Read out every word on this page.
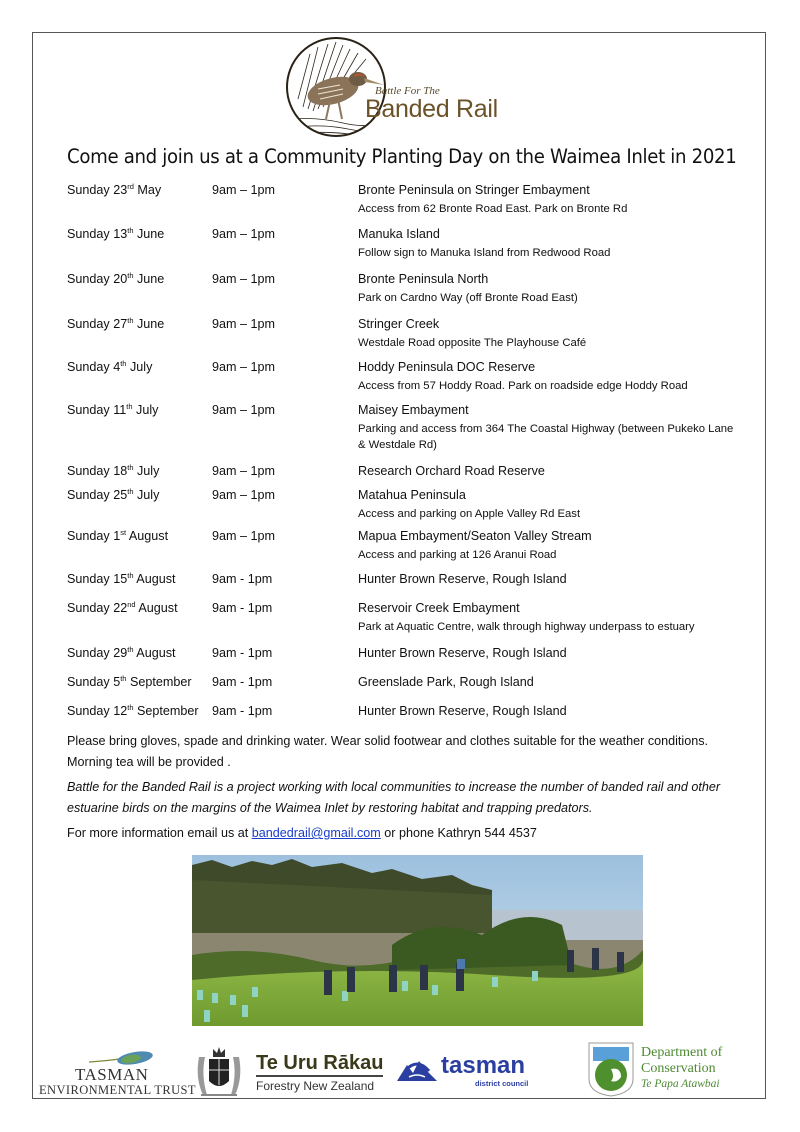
Battle For The
Banded Rail
Come and join us at a Community Planting Day on the Waimea Inlet in 2021
Sunday 23rd May	9am – 1pm	Bronte Peninsula on Stringer Embayment
Access from 62 Bronte Road East. Park on Bronte Rd
Sunday 13th June	9am – 1pm	Manuka Island
Follow sign to Manuka Island from Redwood Road
Sunday 20th June	9am – 1pm	Bronte Peninsula North
Park on Cardno Way (off Bronte Road East)
Sunday 27th June	9am – 1pm	Stringer Creek
Westdale Road opposite The Playhouse Café
Sunday 4th July	9am – 1pm	Hoddy Peninsula DOC Reserve
Access from 57 Hoddy Road. Park on roadside edge Hoddy Road
Sunday 11th July	9am – 1pm	Maisey Embayment
Parking and access from 364 The Coastal Highway (between Pukeko Lane & Westdale Rd)
Sunday 18th July	9am – 1pm	Research Orchard Road Reserve
Sunday 25th July	9am – 1pm	Matahua Peninsula
Access and parking on Apple Valley Rd East
Sunday 1st August	9am – 1pm	Mapua Embayment/Seaton Valley Stream
Access and parking at 126 Aranui Road
Sunday 15th August	9am - 1pm	Hunter Brown Reserve, Rough Island
Sunday 22nd August	9am - 1pm	Reservoir Creek Embayment
Park at Aquatic Centre, walk through highway underpass to estuary
Sunday 29th August	9am - 1pm	Hunter Brown Reserve, Rough Island
Sunday 5th September 9am - 1pm	Greenslade Park, Rough Island
Sunday 12th September 9am - 1pm	Hunter Brown Reserve, Rough Island
Please bring gloves, spade and drinking water. Wear solid footwear and clothes suitable for the weather conditions. Morning tea will be provided .
Battle for the Banded Rail is a project working with local communities to increase the number of banded rail and other estuarine birds on the margins of the Waimea Inlet by restoring habitat and trapping predators.
For more information email us at bandedrail@gmail.com or phone Kathryn 544 4537
TASMAN
ENVIRONMENTAL TRUST
Te Uru Rākau
Forestry New Zealand
tasman
district council
Department of
Conservation
Te Papa Atawbai
